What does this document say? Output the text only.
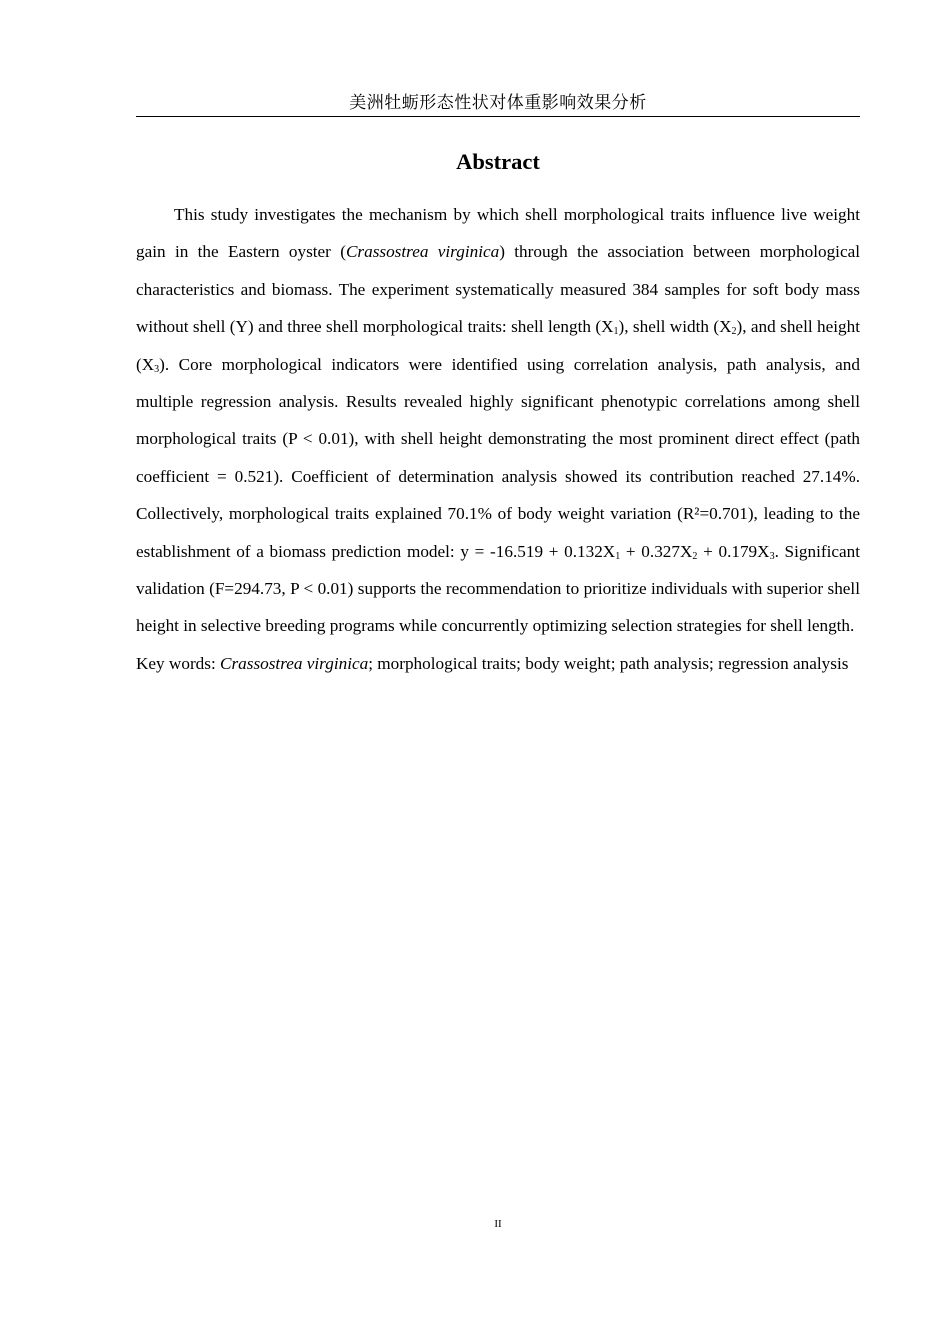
美洲牡蛎形态性状对体重影响效果分析
Abstract

This study investigates the mechanism by which shell morphological traits influence live weight gain in the Eastern oyster (Crassostrea virginica) through the association between morphological characteristics and biomass. The experiment systematically measured 384 samples for soft body mass without shell (Y) and three shell morphological traits: shell length $(X_1)$, shell width $(X_2)$, and shell height $(X_3)$. Core morphological indicators were identified using correlation analysis, path analysis, and multiple regression analysis. Results revealed highly significant phenotypic correlations among shell morphological traits (P < 0.01), with shell height demonstrating the most prominent direct effect (path coefficient = 0.521). Coefficient of determination analysis showed its contribution reached 27.14%. Collectively, morphological traits explained 70.1% of body weight variation (R²=0.701), leading to the establishment of a biomass prediction model: $y = -16.519 + 0.132X_1 + 0.327X_2 + 0.179X_3$. Significant validation (F=294.73, P < 0.01) supports the recommendation to prioritize individuals with superior shell height in selective breeding programs while concurrently optimizing selection strategies for shell length.

Key words: Crassostrea virginica; morphological traits; body weight; path analysis; regression analysis

II
